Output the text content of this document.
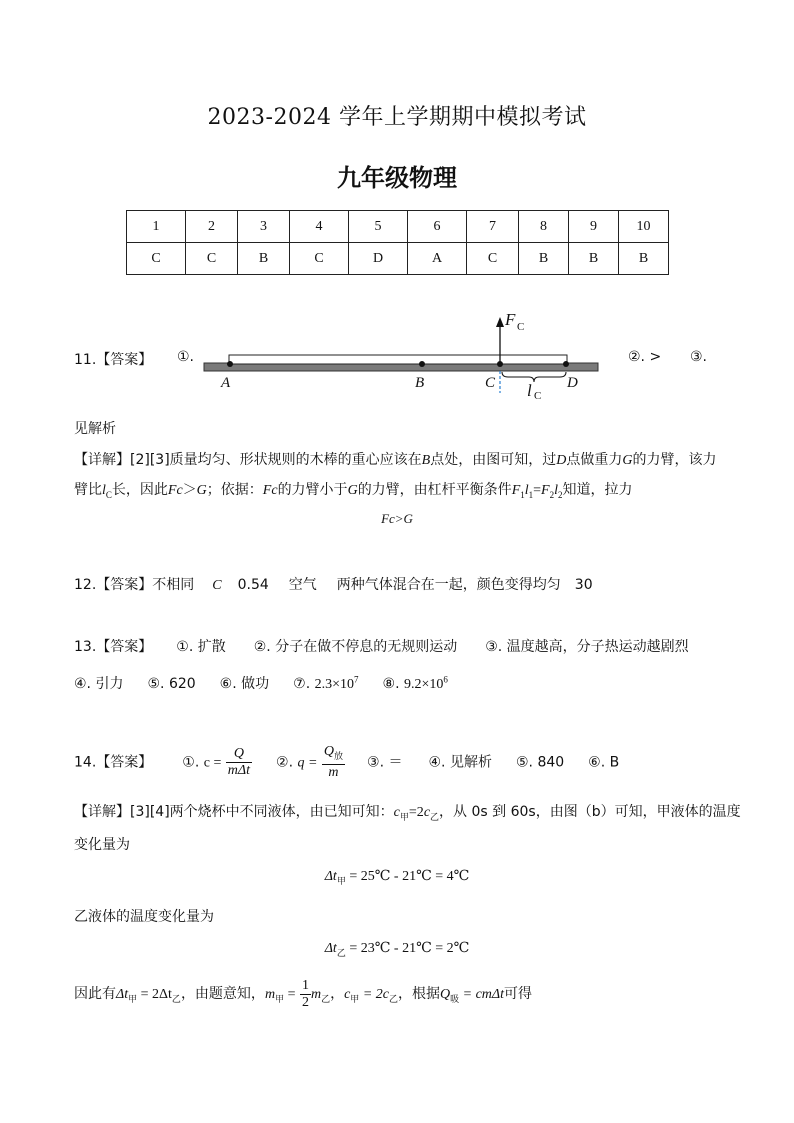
2023-2024 学年上学期期中模拟考试
九年级物理
1	2	3	4	5	6	7	8	9	10
C	C	B	C	D	A	C	B	B	B
11.【答案】 ①.
F C
A	B	C	D
l C
②. > ③.
见解析
【详解】[2][3]质量均匀、形状规则的木棒的重心应该在B点处，由图可知，过D点做重力G的力臂，该力
臂比$l_C$长，因此Fc＞G；依据：Fc的力臂小于G的力臂，由杠杆平衡条件$F_1l_1=F_2l_2$知道，拉力
Fc>G
12.【答案】不相同 C 0.54 空气 两种气体混合在一起，颜色变得均匀 30
13.【答案】 ①. 扩散 ②. 分子在做不停息的无规则运动 ③. 温度越高，分子热运动越剧烈
④. 引力 ⑤. 620 ⑥. 做功 ⑦. $2.3\times 10^7$ ⑧. $9.2\times 10^6$
14.【答案】 ①. $c = \frac{Q}{\text{mΔt}}$ ②. $q = \frac{Q_放}{m}$ ③. ＝ ④. 见解析 ⑤. 840 ⑥. B
【详解】[3][4]两个烧杯中不同液体，由已知可知：$c_甲=2c_乙$，从 0s 到 60s，由图（b）可知，甲液体的温度
变化量为
$\Delta t_甲$ = 25℃ - 21℃ = 4℃
乙液体的温度变化量为
$\Delta t_乙$ = 23℃ - 21℃ = 2℃
因此有$\Delta t_甲 = 2\Delta t_乙$，由题意知，$m_甲 = \frac{1}{2} m_乙$，$c_甲 = 2c_乙$，根据$Q_吸 = cm\Delta t$可得
